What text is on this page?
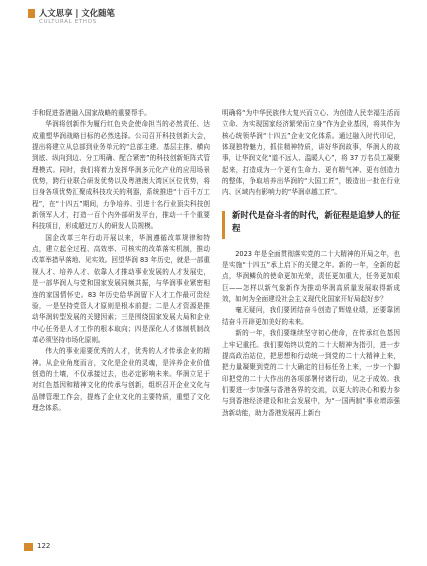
人文思享 | 文化随笔
CULTURAL ETHOS

手和促进香港融入国家战略的重要帮手。

华润将创新作为履行红色央企使命担当的必然责任、达成重塑华润战略目标的必然选择。公司召开科技创新大会，提出将建立从总部到业务单元的“总部主建、基层主推、横向到底、纵向到边、分工明确、配合紧密”的科技创新矩阵式管理模式。同时，我们将着力发挥华润多元化产业的应用场景优势，跨行业联合研发优势以及粤港澳大湾区区位优势，将目身各项优势汇聚成科技攻关的利器，系统推进“十百千万工程”，在“十四五”期间，力争培养、引进十名行业顶尖科技创新领军人才，打造一百个内外部研发平台，推动一千个重要科技项目，形成超过万人的研发人员规模。

国企改革三年行动开展以来，华润遵循改革规律和特点，建立起全过程、高效率、可核实的改革落实机制，推动改革举措早落地、见实效。回望华润 83 年历史，就是一部重视人才、培养人才、依靠人才推动事业发展的人才发展史，是一部华润人与党和国家发展同频共振，与华润事业紧密相连的家国情怀史。83 年历史给华润留下人才工作最可贵经验，一是坚持党管人才原则是根本前提；二是人才资源是推动华润转型发展的关键因素；三是围绕国家发展大局和企业中心任务是人才工作的根本取向；四是深化人才体制机制改革必须坚持市场化原则。

伟大的事业需要优秀的人才，优秀的人才传承企业的精神。从企业角度而言，文化是企业的灵魂，是淬养企业价值创造的土壤，不仅承接过去，也必定影响未来。华润立足于对红色基因和精神文化的传承与创新，组织召开企业文化与品牌管理工作会，提炼了企业文化的主要特质，重塑了文化理念体系。

明确将“为中华民族伟大复兴而立心、为创造人民幸福生活而立命、为实现国家经济繁荣而立身”作为企业基因，将其作为核心统领华润“十四五”企业文化体系。通过融入时代印记，体现独特魅力，抓住精神特质，讲好华润故事，华润人的故事，让华润文化“道不远人、温暖人心”，将 37 万名员工凝聚起来，打造成为一个更有生命力、更有精气神、更有创造力的整体，争取培养出华润的“大国工匠”，锻造出一批在行业内、区域内有影响力的“华润卓越工匠”。

新时代是奋斗者的时代，新征程是追梦人的征程

2023 年是全面贯彻落实党的二十大精神的开局之年，也是实施“十四五”承上启下的关键之年。新的一年，全新的起点，华润鳞负的使命更加光荣，责任更加重大，任务更加艰巨——怎样以新气象新作为推动华润高质量发展取得新成效，如何为全面建设社会主义现代化国家开好局起好步？

毫无疑问，我们要团结奋斗创造了辉煌业绩，还要靠团结奋斗开辟更加美好的未来。

新的一年，我们要继续坚守初心使命，在传承红色基因上牢记重托。我们要始终以党的二十大精神为指引，进一步提高政治站位，把思想和行动统一到党的二十大精神上来，把力量凝聚到党的二十大确定的目标任务上来，一步一个脚印把党的二十大作出的各项部署付诸行动，见之于成效。我们要进一步加强与香港各界的交流，以更大的决心和毅力参与到香港经济建设和社会发展中，为“一国两制”事业增添强劲新动能，助力香港发展再上新台

122
